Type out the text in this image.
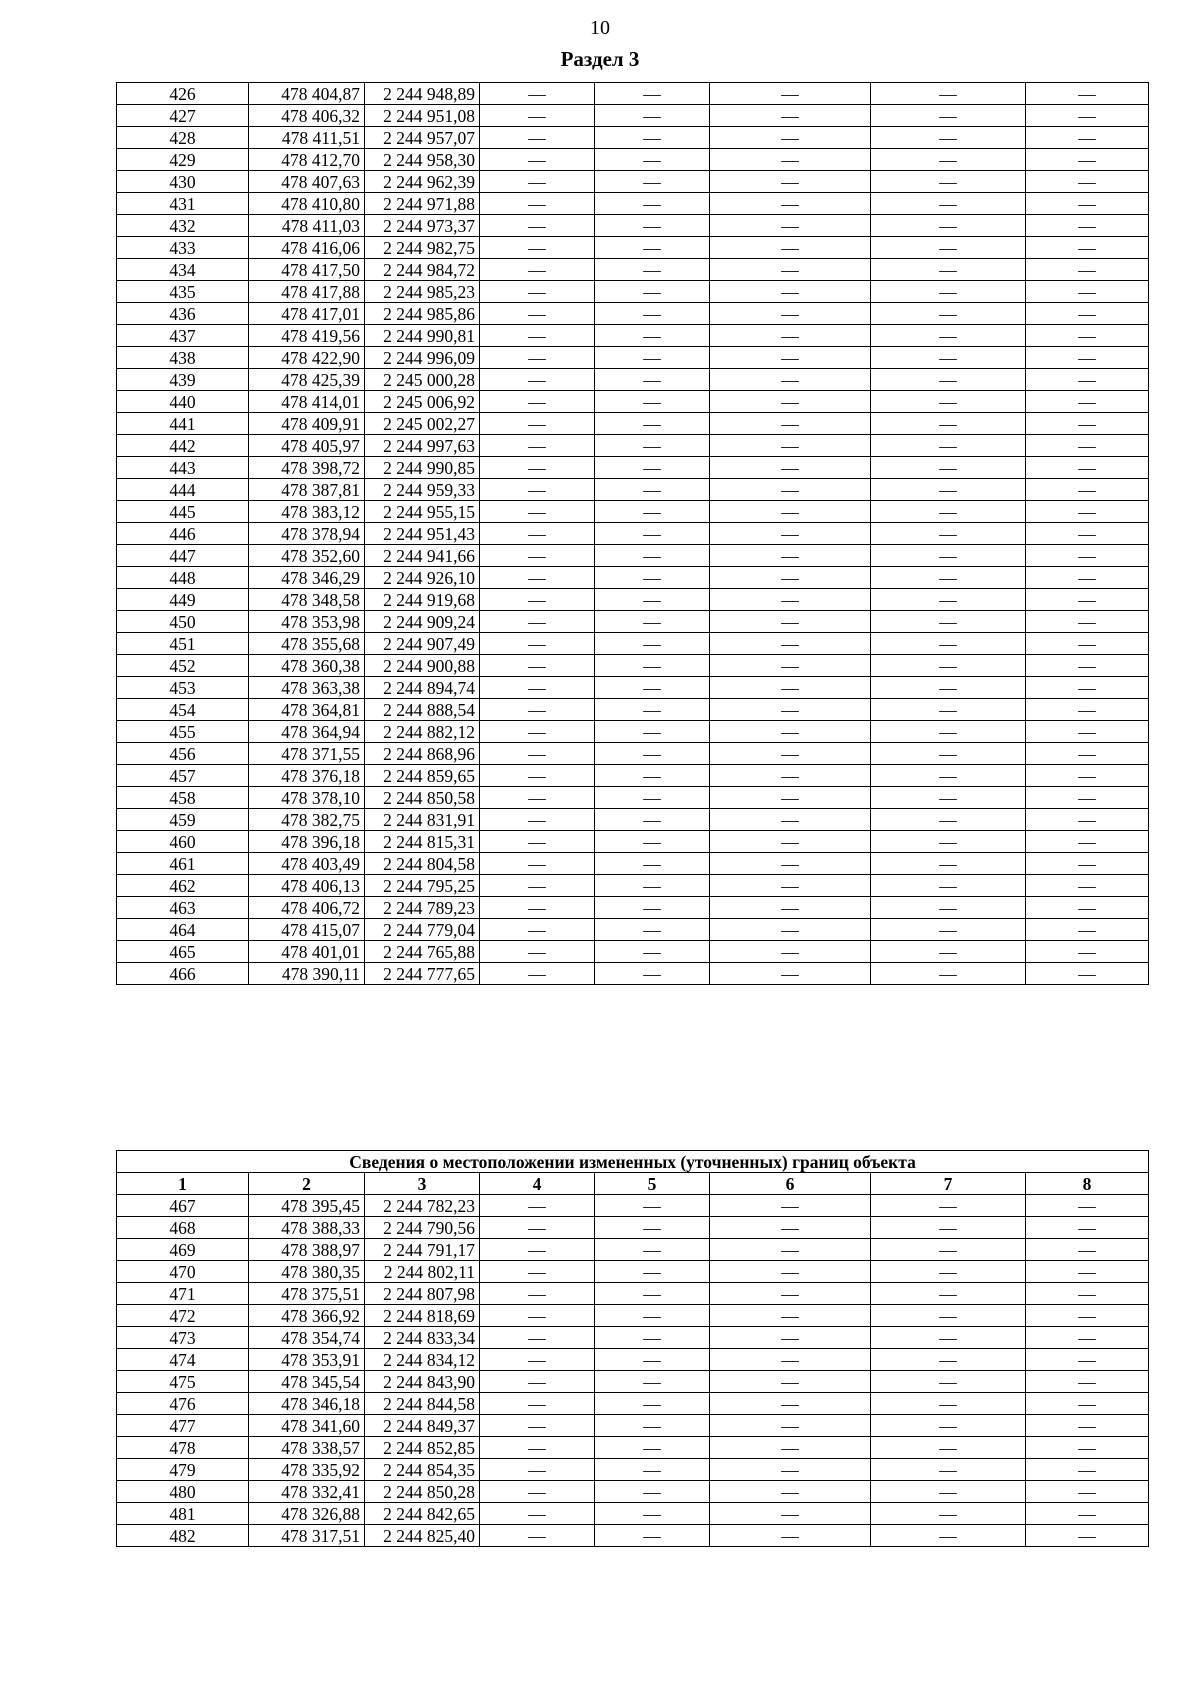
10
Раздел 3
426	478 404,87	2 244 948,89	—	—	—	—	—
427	478 406,32	2 244 951,08	—	—	—	—	—
428	478 411,51	2 244 957,07	—	—	—	—	—
429	478 412,70	2 244 958,30	—	—	—	—	—
430	478 407,63	2 244 962,39	—	—	—	—	—
431	478 410,80	2 244 971,88	—	—	—	—	—
432	478 411,03	2 244 973,37	—	—	—	—	—
433	478 416,06	2 244 982,75	—	—	—	—	—
434	478 417,50	2 244 984,72	—	—	—	—	—
435	478 417,88	2 244 985,23	—	—	—	—	—
436	478 417,01	2 244 985,86	—	—	—	—	—
437	478 419,56	2 244 990,81	—	—	—	—	—
438	478 422,90	2 244 996,09	—	—	—	—	—
439	478 425,39	2 245 000,28	—	—	—	—	—
440	478 414,01	2 245 006,92	—	—	—	—	—
441	478 409,91	2 245 002,27	—	—	—	—	—
442	478 405,97	2 244 997,63	—	—	—	—	—
443	478 398,72	2 244 990,85	—	—	—	—	—
444	478 387,81	2 244 959,33	—	—	—	—	—
445	478 383,12	2 244 955,15	—	—	—	—	—
446	478 378,94	2 244 951,43	—	—	—	—	—
447	478 352,60	2 244 941,66	—	—	—	—	—
448	478 346,29	2 244 926,10	—	—	—	—	—
449	478 348,58	2 244 919,68	—	—	—	—	—
450	478 353,98	2 244 909,24	—	—	—	—	—
451	478 355,68	2 244 907,49	—	—	—	—	—
452	478 360,38	2 244 900,88	—	—	—	—	—
453	478 363,38	2 244 894,74	—	—	—	—	—
454	478 364,81	2 244 888,54	—	—	—	—	—
455	478 364,94	2 244 882,12	—	—	—	—	—
456	478 371,55	2 244 868,96	—	—	—	—	—
457	478 376,18	2 244 859,65	—	—	—	—	—
458	478 378,10	2 244 850,58	—	—	—	—	—
459	478 382,75	2 244 831,91	—	—	—	—	—
460	478 396,18	2 244 815,31	—	—	—	—	—
461	478 403,49	2 244 804,58	—	—	—	—	—
462	478 406,13	2 244 795,25	—	—	—	—	—
463	478 406,72	2 244 789,23	—	—	—	—	—
464	478 415,07	2 244 779,04	—	—	—	—	—
465	478 401,01	2 244 765,88	—	—	—	—	—
466	478 390,11	2 244 777,65	—	—	—	—	—
Сведения о местоположении измененных (уточненных) границ объекта							
1	2	3	4	5	6	7	8
467	478 395,45	2 244 782,23	—	—	—	—	—
468	478 388,33	2 244 790,56	—	—	—	—	—
469	478 388,97	2 244 791,17	—	—	—	—	—
470	478 380,35	2 244 802,11	—	—	—	—	—
471	478 375,51	2 244 807,98	—	—	—	—	—
472	478 366,92	2 244 818,69	—	—	—	—	—
473	478 354,74	2 244 833,34	—	—	—	—	—
474	478 353,91	2 244 834,12	—	—	—	—	—
475	478 345,54	2 244 843,90	—	—	—	—	—
476	478 346,18	2 244 844,58	—	—	—	—	—
477	478 341,60	2 244 849,37	—	—	—	—	—
478	478 338,57	2 244 852,85	—	—	—	—	—
479	478 335,92	2 244 854,35	—	—	—	—	—
480	478 332,41	2 244 850,28	—	—	—	—	—
481	478 326,88	2 244 842,65	—	—	—	—	—
482	478 317,51	2 244 825,40	—	—	—	—	—
